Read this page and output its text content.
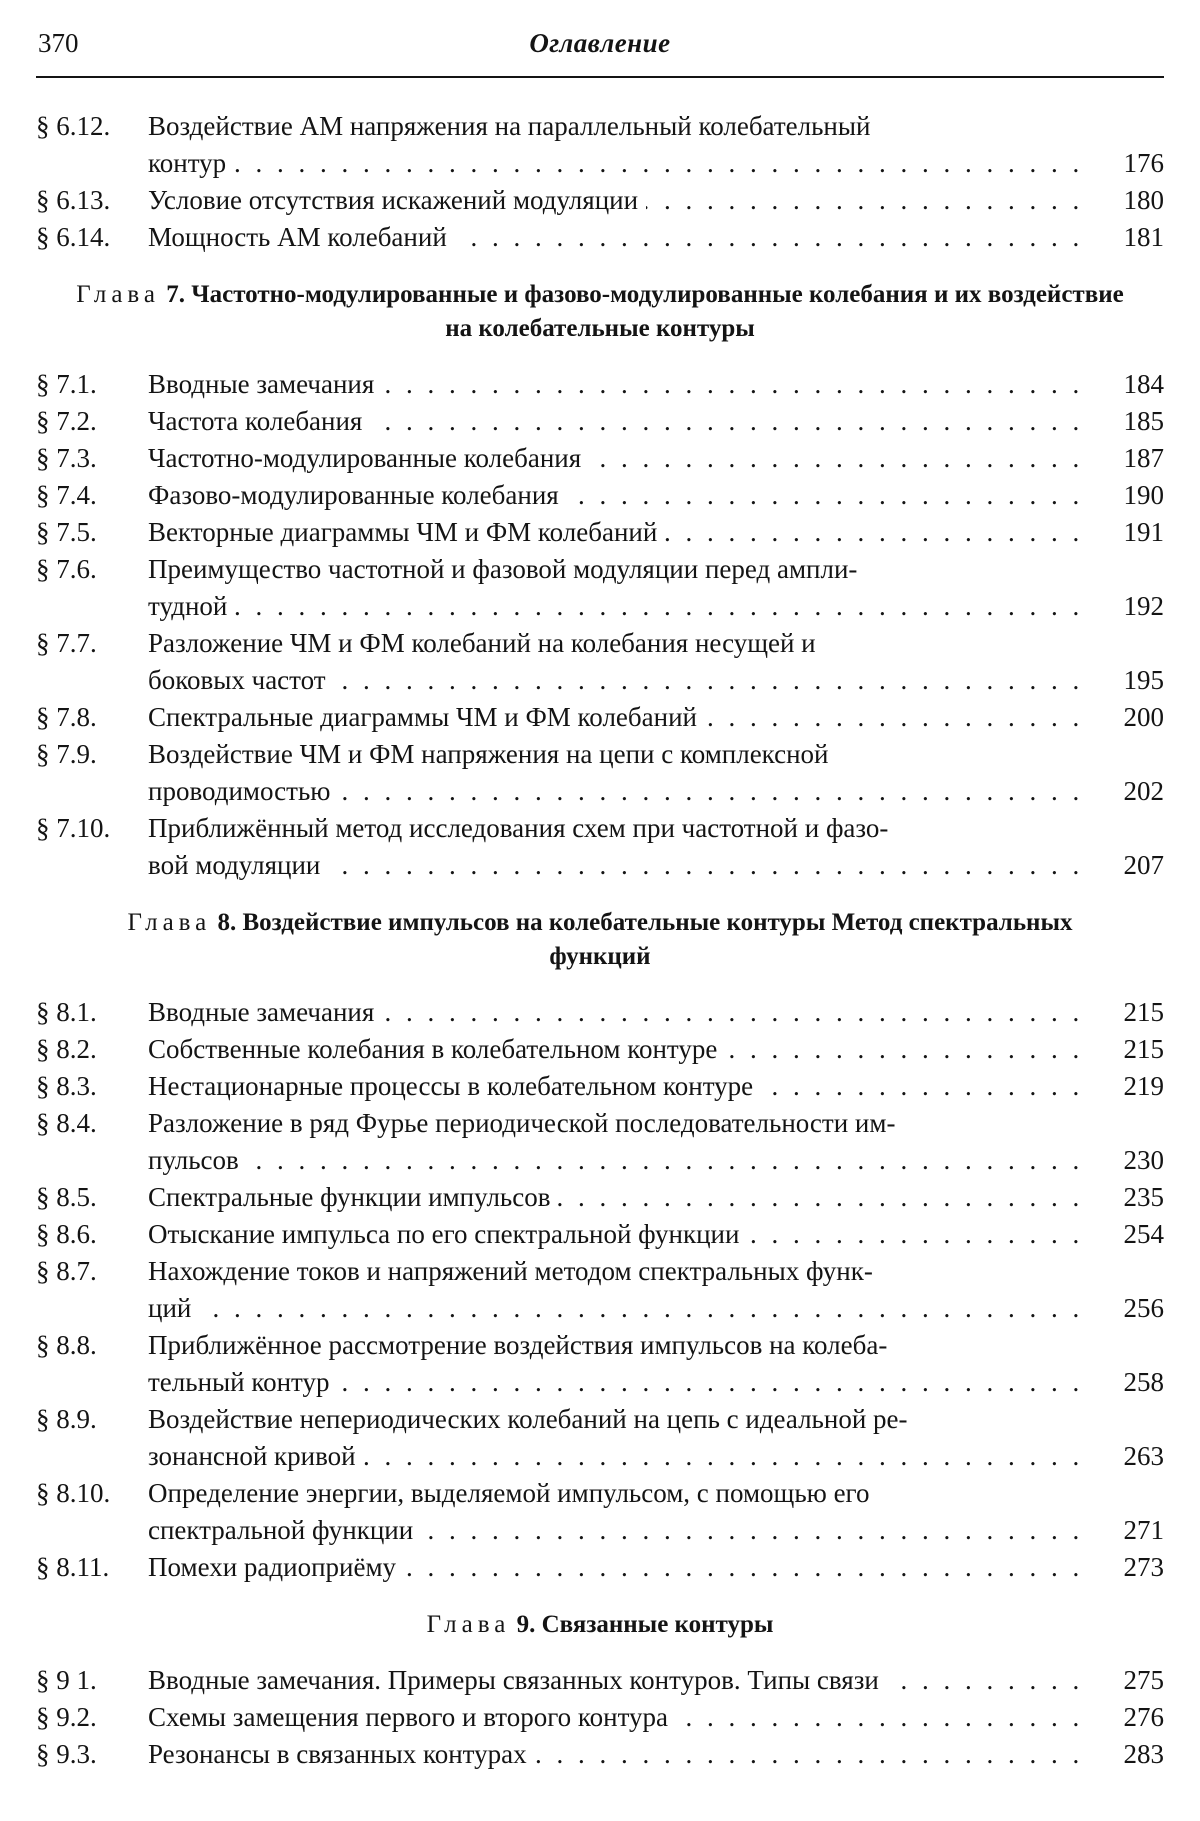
370	Оглавление
§ 6.12. Воздействие АМ напряжения на параллельный колебательный
контур . . .	176
§ 6.13. Условие отсутствия искажений модуляции . . .	180
§ 6.14. Мощность АМ колебаний . . .	181
Глава 7. Частотно-модулированные и фазово-модулированные колебания и их воздействие на колебательные контуры
§ 7.1. Вводные замечания . . .	184
§ 7.2. Частота колебания . . .	185
§ 7.3. Частотно-модулированные колебания . . .	187
§ 7.4. Фазово-модулированные колебания . . .	190
§ 7.5. Векторные диаграммы ЧМ и ФМ колебаний . . .	191
§ 7.6. Преимущество частотной и фазовой модуляции перед ампли-
тудной . . .	192
§ 7.7. Разложение ЧМ и ФМ колебаний на колебания несущей и
боковых частот . . .	195
§ 7.8. Спектральные диаграммы ЧМ и ФМ колебаний . . .	200
§ 7.9. Воздействие ЧМ и ФМ напряжения на цепи с комплексной
проводимостью . . .	202
§ 7.10. Приближённый метод исследования схем при частотной и фазо-
вой модуляции . . .	207
Глава 8. Воздействие импульсов на колебательные контуры Метод спектральных функций
§ 8.1. Вводные замечания . . .	215
§ 8.2. Собственные колебания в колебательном контуре . . .	215
§ 8.3. Нестационарные процессы в колебательном контуре . . .	219
§ 8.4. Разложение в ряд Фурье периодической последовательности им-
пульсов . . .	230
§ 8.5. Спектральные функции импульсов . . .	235
§ 8.6. Отыскание импульса по его спектральной функции . . .	254
§ 8.7. Нахождение токов и напряжений методом спектральных функ-
ций . . .	256
§ 8.8. Приближённое рассмотрение воздействия импульсов на колеба-
тельный контур . . .	258
§ 8.9. Воздействие непериодических колебаний на цепь с идеальной ре-
зонансной кривой . . .	263
§ 8.10. Определение энергии, выделяемой импульсом, с помощью его
спектральной функции . . .	271
§ 8.11. Помехи радиоприёму . . .	273
Глава 9. Связанные контуры
§ 9 1. Вводные замечания. Примеры связанных контуров. Типы связи . . .	275
§ 9.2. Схемы замещения первого и второго контура . . .	276
§ 9.3. Резонансы в связанных контурах . . .	283
